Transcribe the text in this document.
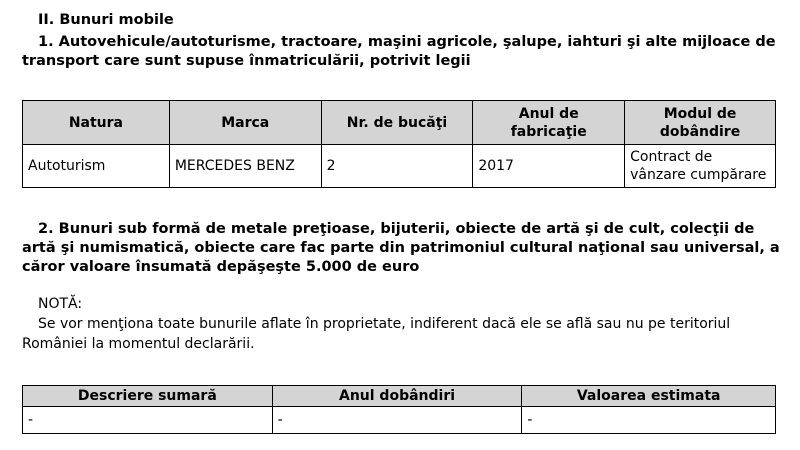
II. Bunuri mobile
1. Autovehicule/autoturisme, tractoare, maşini agricole, şalupe, iahturi şi alte mijloace de transport care sunt supuse înmatriculării, potrivit legii
Natura	Marca	Nr. de bucăţi	Anul de fabricaţie	Modul de dobândire
Autoturism	MERCEDES BENZ	2	2017	Contract de vânzare cumpărare
2. Bunuri sub formă de metale preţioase, bijuterii, obiecte de artă şi de cult, colecţii de artă şi numismatică, obiecte care fac parte din patrimoniul cultural naţional sau universal, a căror valoare însumată depăşeşte 5.000 de euro
NOTĂ:
Se vor menţiona toate bunurile aflate în proprietate, indiferent dacă ele se află sau nu pe teritoriul României la momentul declarării.
Descriere sumară	Anul dobândiri	Valoarea estimata
-	-	-
